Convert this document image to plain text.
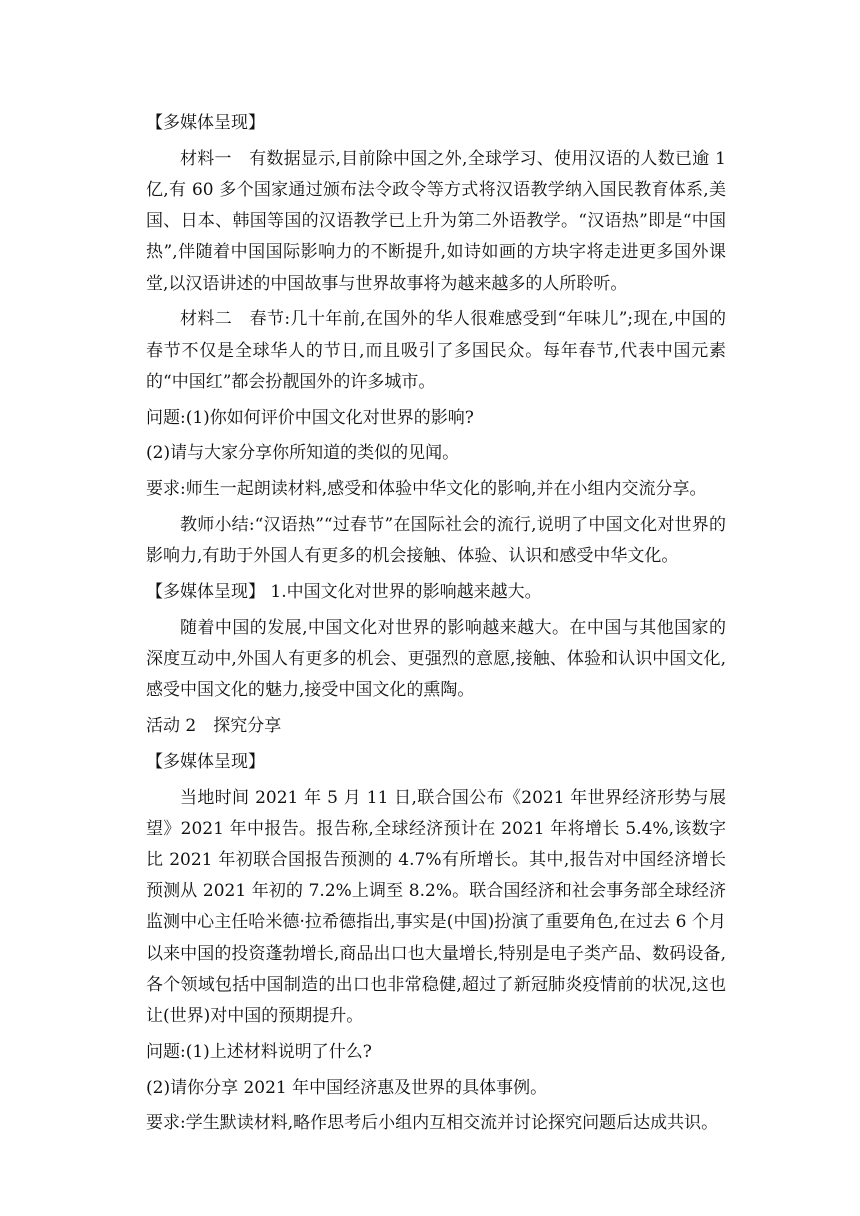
【多媒体呈现】

材料一　有数据显示,目前除中国之外,全球学习、使用汉语的人数已逾 1 亿,有 60 多个国家通过颁布法令政令等方式将汉语教学纳入国民教育体系,美国、日本、韩国等国的汉语教学已上升为第二外语教学。“汉语热”即是“中国热”,伴随着中国国际影响力的不断提升,如诗如画的方块字将走进更多国外课堂,以汉语讲述的中国故事与世界故事将为越来越多的人所聆听。

材料二　春节:几十年前,在国外的华人很难感受到“年味儿”;现在,中国的春节不仅是全球华人的节日,而且吸引了多国民众。每年春节,代表中国元素的“中国红”都会扮靓国外的许多城市。

问题:(1)你如何评价中国文化对世界的影响?

(2)请与大家分享你所知道的类似的见闻。

要求:师生一起朗读材料,感受和体验中华文化的影响,并在小组内交流分享。

教师小结:“汉语热”“过春节”在国际社会的流行,说明了中国文化对世界的影响力,有助于外国人有更多的机会接触、体验、认识和感受中华文化。

【多媒体呈现】 1.中国文化对世界的影响越来越大。

随着中国的发展,中国文化对世界的影响越来越大。在中国与其他国家的深度互动中,外国人有更多的机会、更强烈的意愿,接触、体验和认识中国文化,感受中国文化的魅力,接受中国文化的熏陶。

活动 2　探究分享

【多媒体呈现】

当地时间 2021 年 5 月 11 日,联合国公布《2021 年世界经济形势与展望》2021 年中报告。报告称,全球经济预计在 2021 年将增长 5.4%,该数字比 2021 年初联合国报告预测的 4.7%有所增长。其中,报告对中国经济增长预测从 2021 年初的 7.2%上调至 8.2%。联合国经济和社会事务部全球经济监测中心主任哈米德·拉希德指出,事实是(中国)扮演了重要角色,在过去 6 个月以来中国的投资蓬勃增长,商品出口也大量增长,特别是电子类产品、数码设备,各个领域包括中国制造的出口也非常稳健,超过了新冠肺炎疫情前的状况,这也让(世界)对中国的预期提升。

问题:(1)上述材料说明了什么?

(2)请你分享 2021 年中国经济惠及世界的具体事例。

要求:学生默读材料,略作思考后小组内互相交流并讨论探究问题后达成共识。
